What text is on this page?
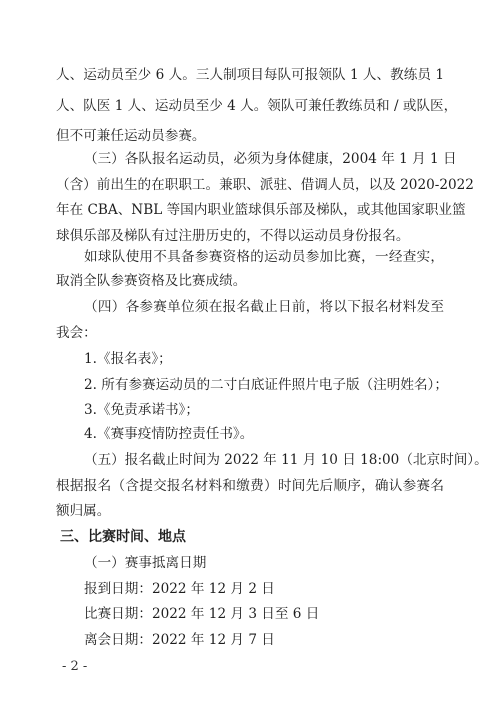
人、运动员至少 6 人。三人制项目每队可报领队 1 人、教练员 1
人、队医 1 人、运动员至少 4 人。领队可兼任教练员和 / 或队医，
但不可兼任运动员参赛。
（三）各队报名运动员，必须为身体健康，2004 年 1 月 1 日
（含）前出生的在职职工。兼职、派驻、借调人员，以及 2020-2022
年在 CBA、NBL 等国内职业篮球俱乐部及梯队，或其他国家职业篮
球俱乐部及梯队有过注册历史的，不得以运动员身份报名。
如球队使用不具备参赛资格的运动员参加比赛，一经查实，
取消全队参赛资格及比赛成绩。
（四）各参赛单位须在报名截止日前，将以下报名材料发至
我会：
1.《报名表》；
2. 所有参赛运动员的二寸白底证件照片电子版（注明姓名）；
3.《免责承诺书》；
4.《赛事疫情防控责任书》。
（五）报名截止时间为 2022 年 11 月 10 日 18:00（北京时间）。
根据报名（含提交报名材料和缴费）时间先后顺序，确认参赛名
额归属。
- 2 -
三、比赛时间、地点
（一）赛事抵离日期
报到日期：2022 年 12 月 2 日
比赛日期：2022 年 12 月 3 日至 6 日
离会日期：2022 年 12 月 7 日
